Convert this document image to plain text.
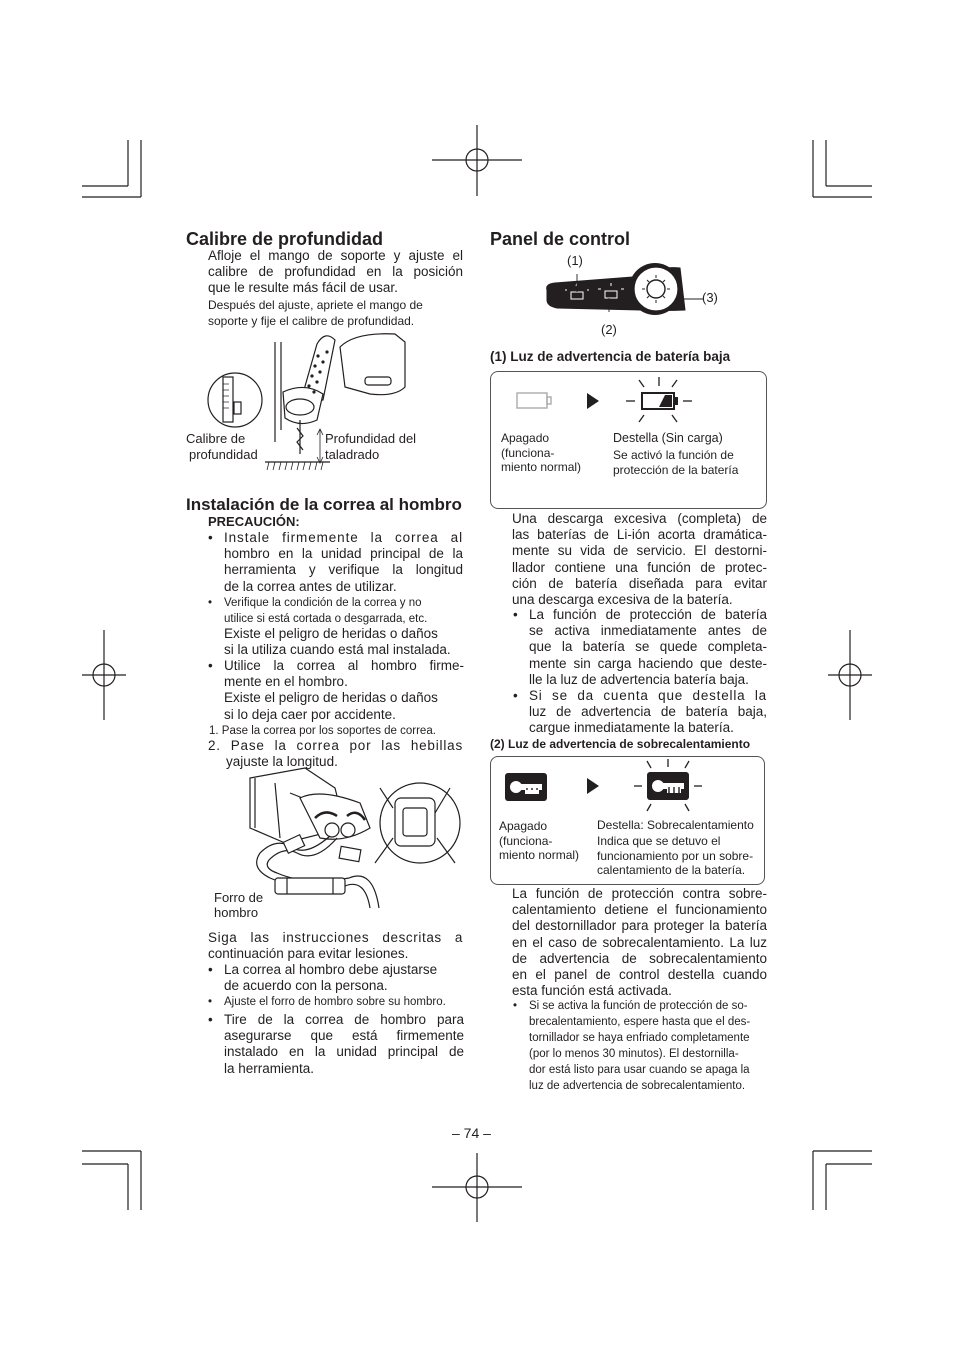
Calibre de profundidad

Afloje el mango de soporte y ajuste el
calibre de profundidad en la posición
que le resulte más fácil de usar.

Después del ajuste, apriete el mango de
soporte y fije el calibre de profundidad.

Calibre de
profundidad
Profundidad del
taladrado
Instalación de la correa al hombro
PRECAUCIÓN:
• Instale firmemente la correa al
hombro en la unidad principal de la
herramienta y verifique la longitud
de la correa antes de utilizar.
• Verifique la condición de la correa y no
utilice si está cortada o desgarrada, etc.
Existe el peligro de heridas o daños
si la utiliza cuando está mal instalada.
• Utilice la correa al hombro firme-
mente en el hombro.
Existe el peligro de heridas o daños
si lo deja caer por accidente.
1. Pase la correa por los soportes de correa.
2. Pase la correa por las hebillas
yajuste la longitud.
Forro de
hombro
Siga las instrucciones descritas a
continuación para evitar lesiones.
• La correa al hombro debe ajustarse
de acuerdo con la persona.
• Ajuste el forro de hombro sobre su hombro.
• Tire de la correa de hombro para
asegurarse que está firmemente
instalado en la unidad principal de
la herramienta.
Panel de control
(1)
(2)
(3)
(1) Luz de advertencia de batería baja
Apagado
(funciona-
miento normal)
Destella (Sin carga)
Se activó la función de
protección de la batería
Una descarga excesiva (completa) de
las baterías de Li-ión acorta dramática-
mente su vida de servicio. El destorni-
llador contiene una función de protec-
ción de batería diseñada para evitar
una descarga excesiva de la batería.
• La función de protección de batería
se activa inmediatamente antes de
que la batería se quede completa-
mente sin carga haciendo que deste-
lle la luz de advertencia batería baja.
• Si se da cuenta que destella la
luz de advertencia de batería baja,
cargue inmediatamente la batería.
(2) Luz de advertencia de sobrecalentamiento
Apagado
(funciona-
miento normal)
Destella: Sobrecalentamiento
Indica que se detuvo el
funcionamiento por un sobre-
calentamiento de la batería.
La función de protección contra sobre-
calentamiento detiene el funcionamiento
del destornillador para proteger la batería
en el caso de sobrecalentamiento. La luz
de advertencia de sobrecalentamiento
en el panel de control destella cuando
esta función está activada.
• Si se activa la función de protección de so-
brecalentamiento, espere hasta que el des-
tornillador se haya enfriado completamente
(por lo menos 30 minutos). El destornilla-
dor está listo para usar cuando se apaga la
luz de advertencia de sobrecalentamiento.
– 74 –
